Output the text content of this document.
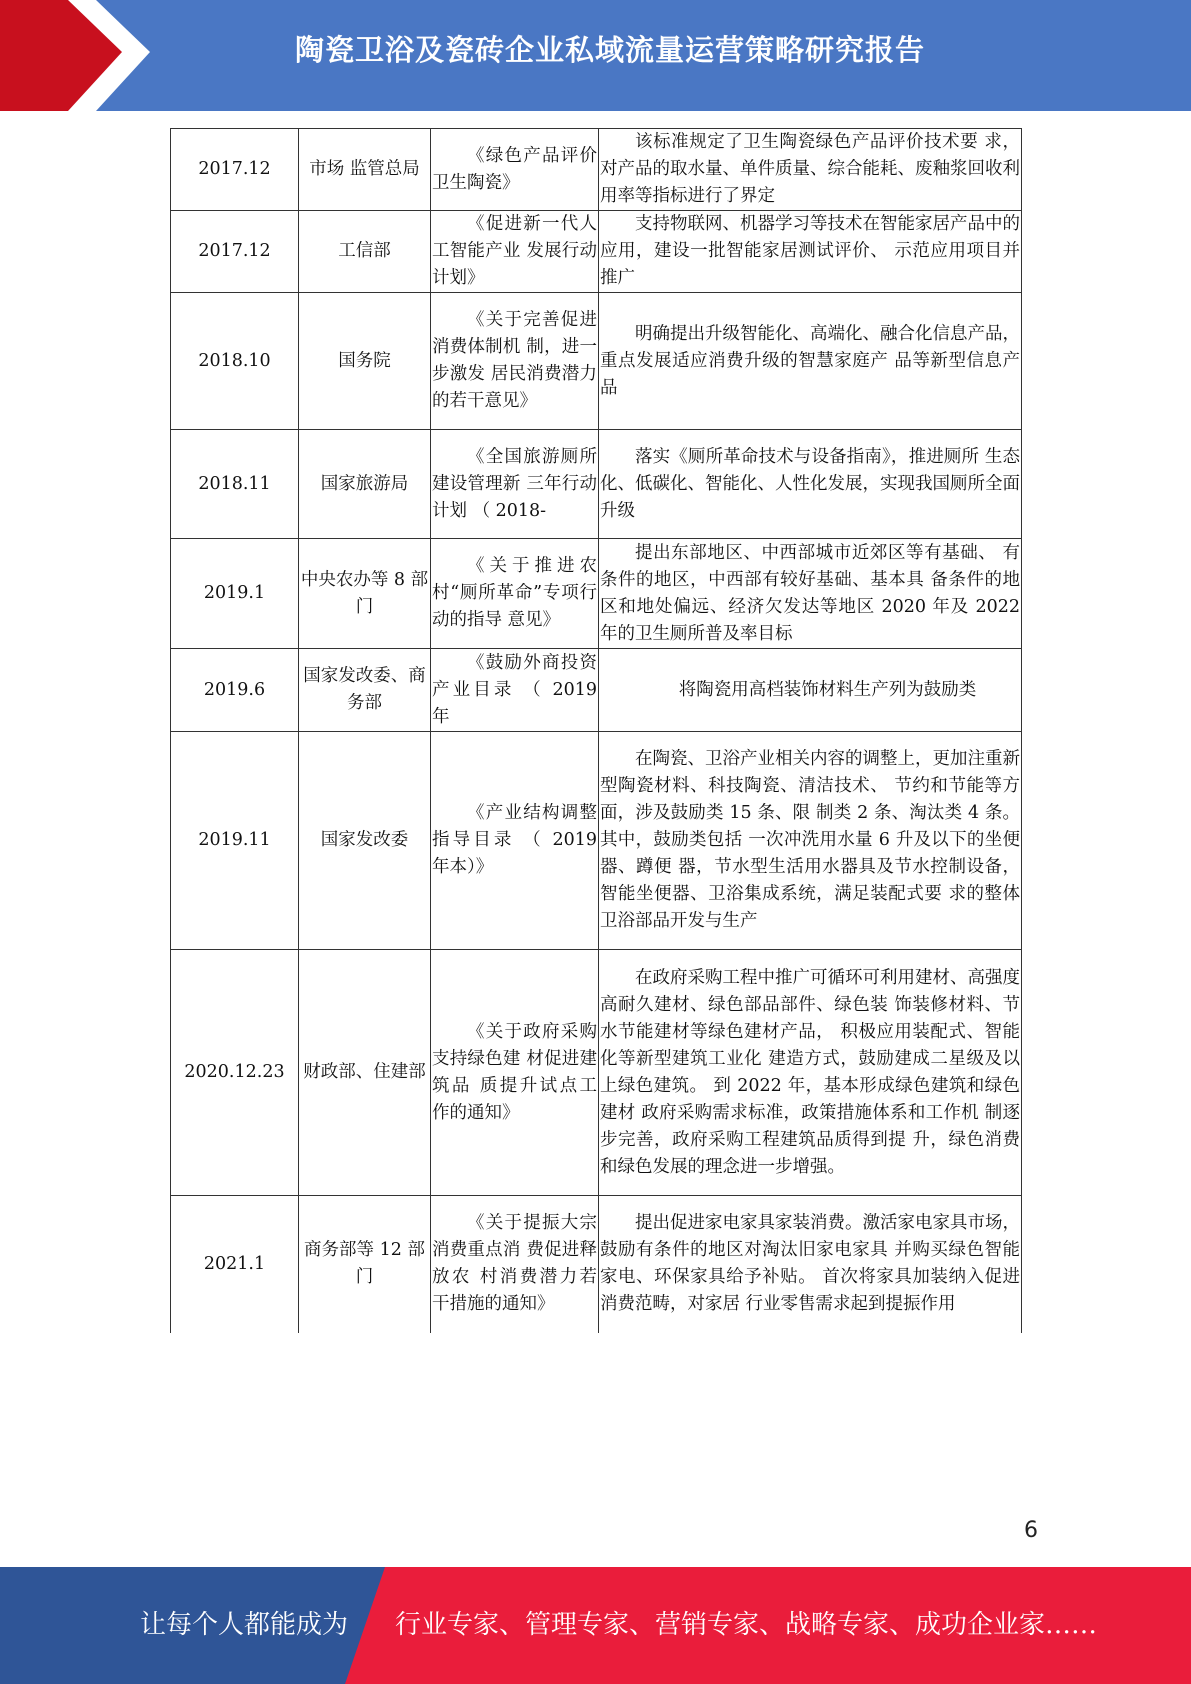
陶瓷卫浴及瓷砖企业私域流量运营策略研究报告
2017.12	市场 监管总局	《绿色产品评价卫生陶瓷》	该标准规定了卫生陶瓷绿色产品评价技术要 求，对产品的取水量、单件质量、综合能耗、废釉浆回收利用率等指标进行了界定
2017.12	工信部	《促进新一代人工智能产业 发展行动计划》	支持物联网、机器学习等技术在智能家居产品中的应用，建设一批智能家居测试评价、 示范应用项目并推广
2018.10	国务院	《关于完善促进消费体制机 制，进一步激发 居民消费潜力 的若干意见》	明确提出升级智能化、高端化、融合化信息产品，重点发展适应消费升级的智慧家庭产 品等新型信息产品
2018.11	国家旅游局	《全国旅游厕所建设管理新 三年行动计划 （ 2018-	落实《厕所革命技术与设备指南》，推进厕所 生态化、低碳化、智能化、人性化发展，实现我国厕所全面升级
2019.1	中央农办等 8 部门	《关于推进农村“厕所革命”专项行动的指导 意见》	提出东部地区、中西部城市近郊区等有基础、 有条件的地区，中西部有较好基础、基本具 备条件的地区和地处偏远、经济欠发达等地区 2020 年及 2022 年的卫生厕所普及率目标
2019.6	国家发改委、商务部	《鼓励外商投资产业目录 （ 2019 年	将陶瓷用高档装饰材料生产列为鼓励类
2019.11	国家发改委	《产业结构调整指导目录 （ 2019 年本）》	在陶瓷、卫浴产业相关内容的调整上，更加注重新型陶瓷材料、科技陶瓷、清洁技术、 节约和节能等方面，涉及鼓励类 15 条、限 制类 2 条、淘汰类 4 条。其中，鼓励类包括 一次冲洗用水量 6 升及以下的坐便器、蹲便 器，节水型生活用水器具及节水控制设备， 智能坐便器、卫浴集成系统，满足装配式要 求的整体卫浴部品开发与生产
2020.12.23	财政部、住建部	《关于政府采购支持绿色建 材促进建筑品 质提升试点工 作的通知》	在政府采购工程中推广可循环可利用建材、高强度高耐久建材、绿色部品部件、绿色装 饰装修材料、节水节能建材等绿色建材产品， 积极应用装配式、智能化等新型建筑工业化 建造方式，鼓励建成二星级及以上绿色建筑。 到 2022 年，基本形成绿色建筑和绿色建材 政府采购需求标准，政策措施体系和工作机 制逐步完善，政府采购工程建筑品质得到提 升，绿色消费和绿色发展的理念进一步增强。
2021.1	商务部等 12 部门	《关于提振大宗消费重点消 费促进释放农 村消费潜力若 干措施的通知》	提出促进家电家具家装消费。激活家电家具市场，鼓励有条件的地区对淘汰旧家电家具 并购买绿色智能家电、环保家具给予补贴。 首次将家具加装纳入促进消费范畴，对家居 行业零售需求起到提振作用
6
让每个人都能成为 行业专家、管理专家、营销专家、战略专家、成功企业家……
